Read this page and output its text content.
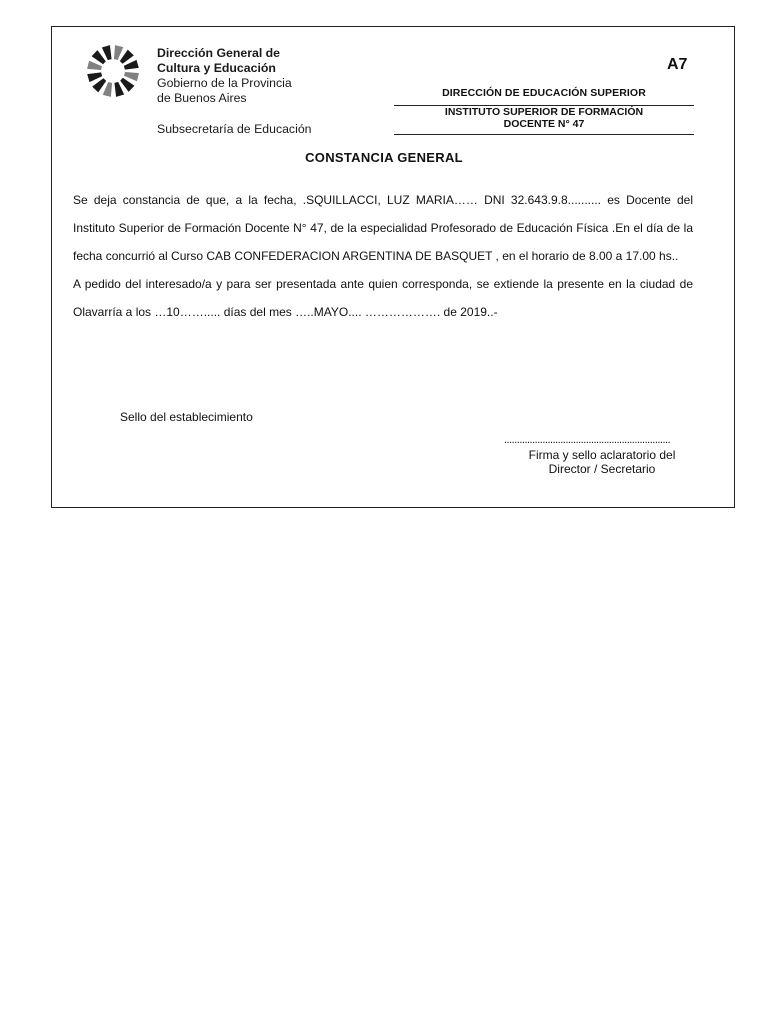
Dirección General de
Cultura y Educación
Gobierno de la Provincia
de Buenos Aires
Subsecretaría de Educación
A7
DIRECCIÓN DE EDUCACIÓN SUPERIOR
INSTITUTO SUPERIOR DE FORMACIÓN
DOCENTE N° 47
CONSTANCIA GENERAL

Se deja constancia de que, a la fecha, .SQUILLACCI, LUZ MARIA…… DNI 32.643.9.8.......... es Docente del Instituto Superior de Formación Docente N° 47, de la especialidad Profesorado de Educación Física .En el día de la fecha concurrió al Curso CAB CONFEDERACION ARGENTINA DE BASQUET , en el horario de 8.00 a 17.00 hs..

A pedido del interesado/a y para ser presentada ante quien corresponda, se extiende la presente en la ciudad de Olavarría a los …10……..... días del mes …..MAYO.... ………………. de 2019..-

Sello del establecimiento
.................................................................
Firma y sello aclaratorio del
Director / Secretario
